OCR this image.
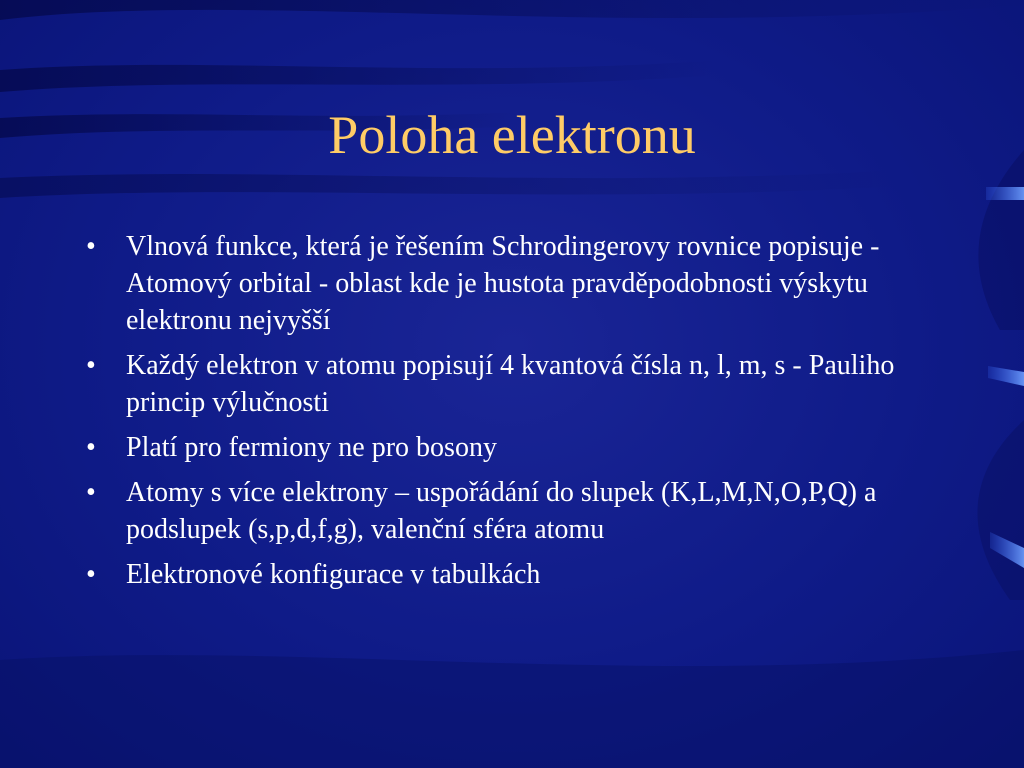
Poloha elektronu
•	Vlnová funkce, která je řešením Schrodingerovy rovnice popisuje - Atomový orbital - oblast kde je hustota pravděpodobnosti výskytu elektronu nejvyšší
•	Každý elektron v atomu popisují 4 kvantová čísla n, l, m, s - Pauliho princip výlučnosti
•	Platí pro fermiony ne pro bosony
•	Atomy s více elektrony – uspořádání do slupek (K,L,M,N,O,P,Q) a podslupek (s,p,d,f,g), valenční sféra atomu
•	Elektronové konfigurace v tabulkách
